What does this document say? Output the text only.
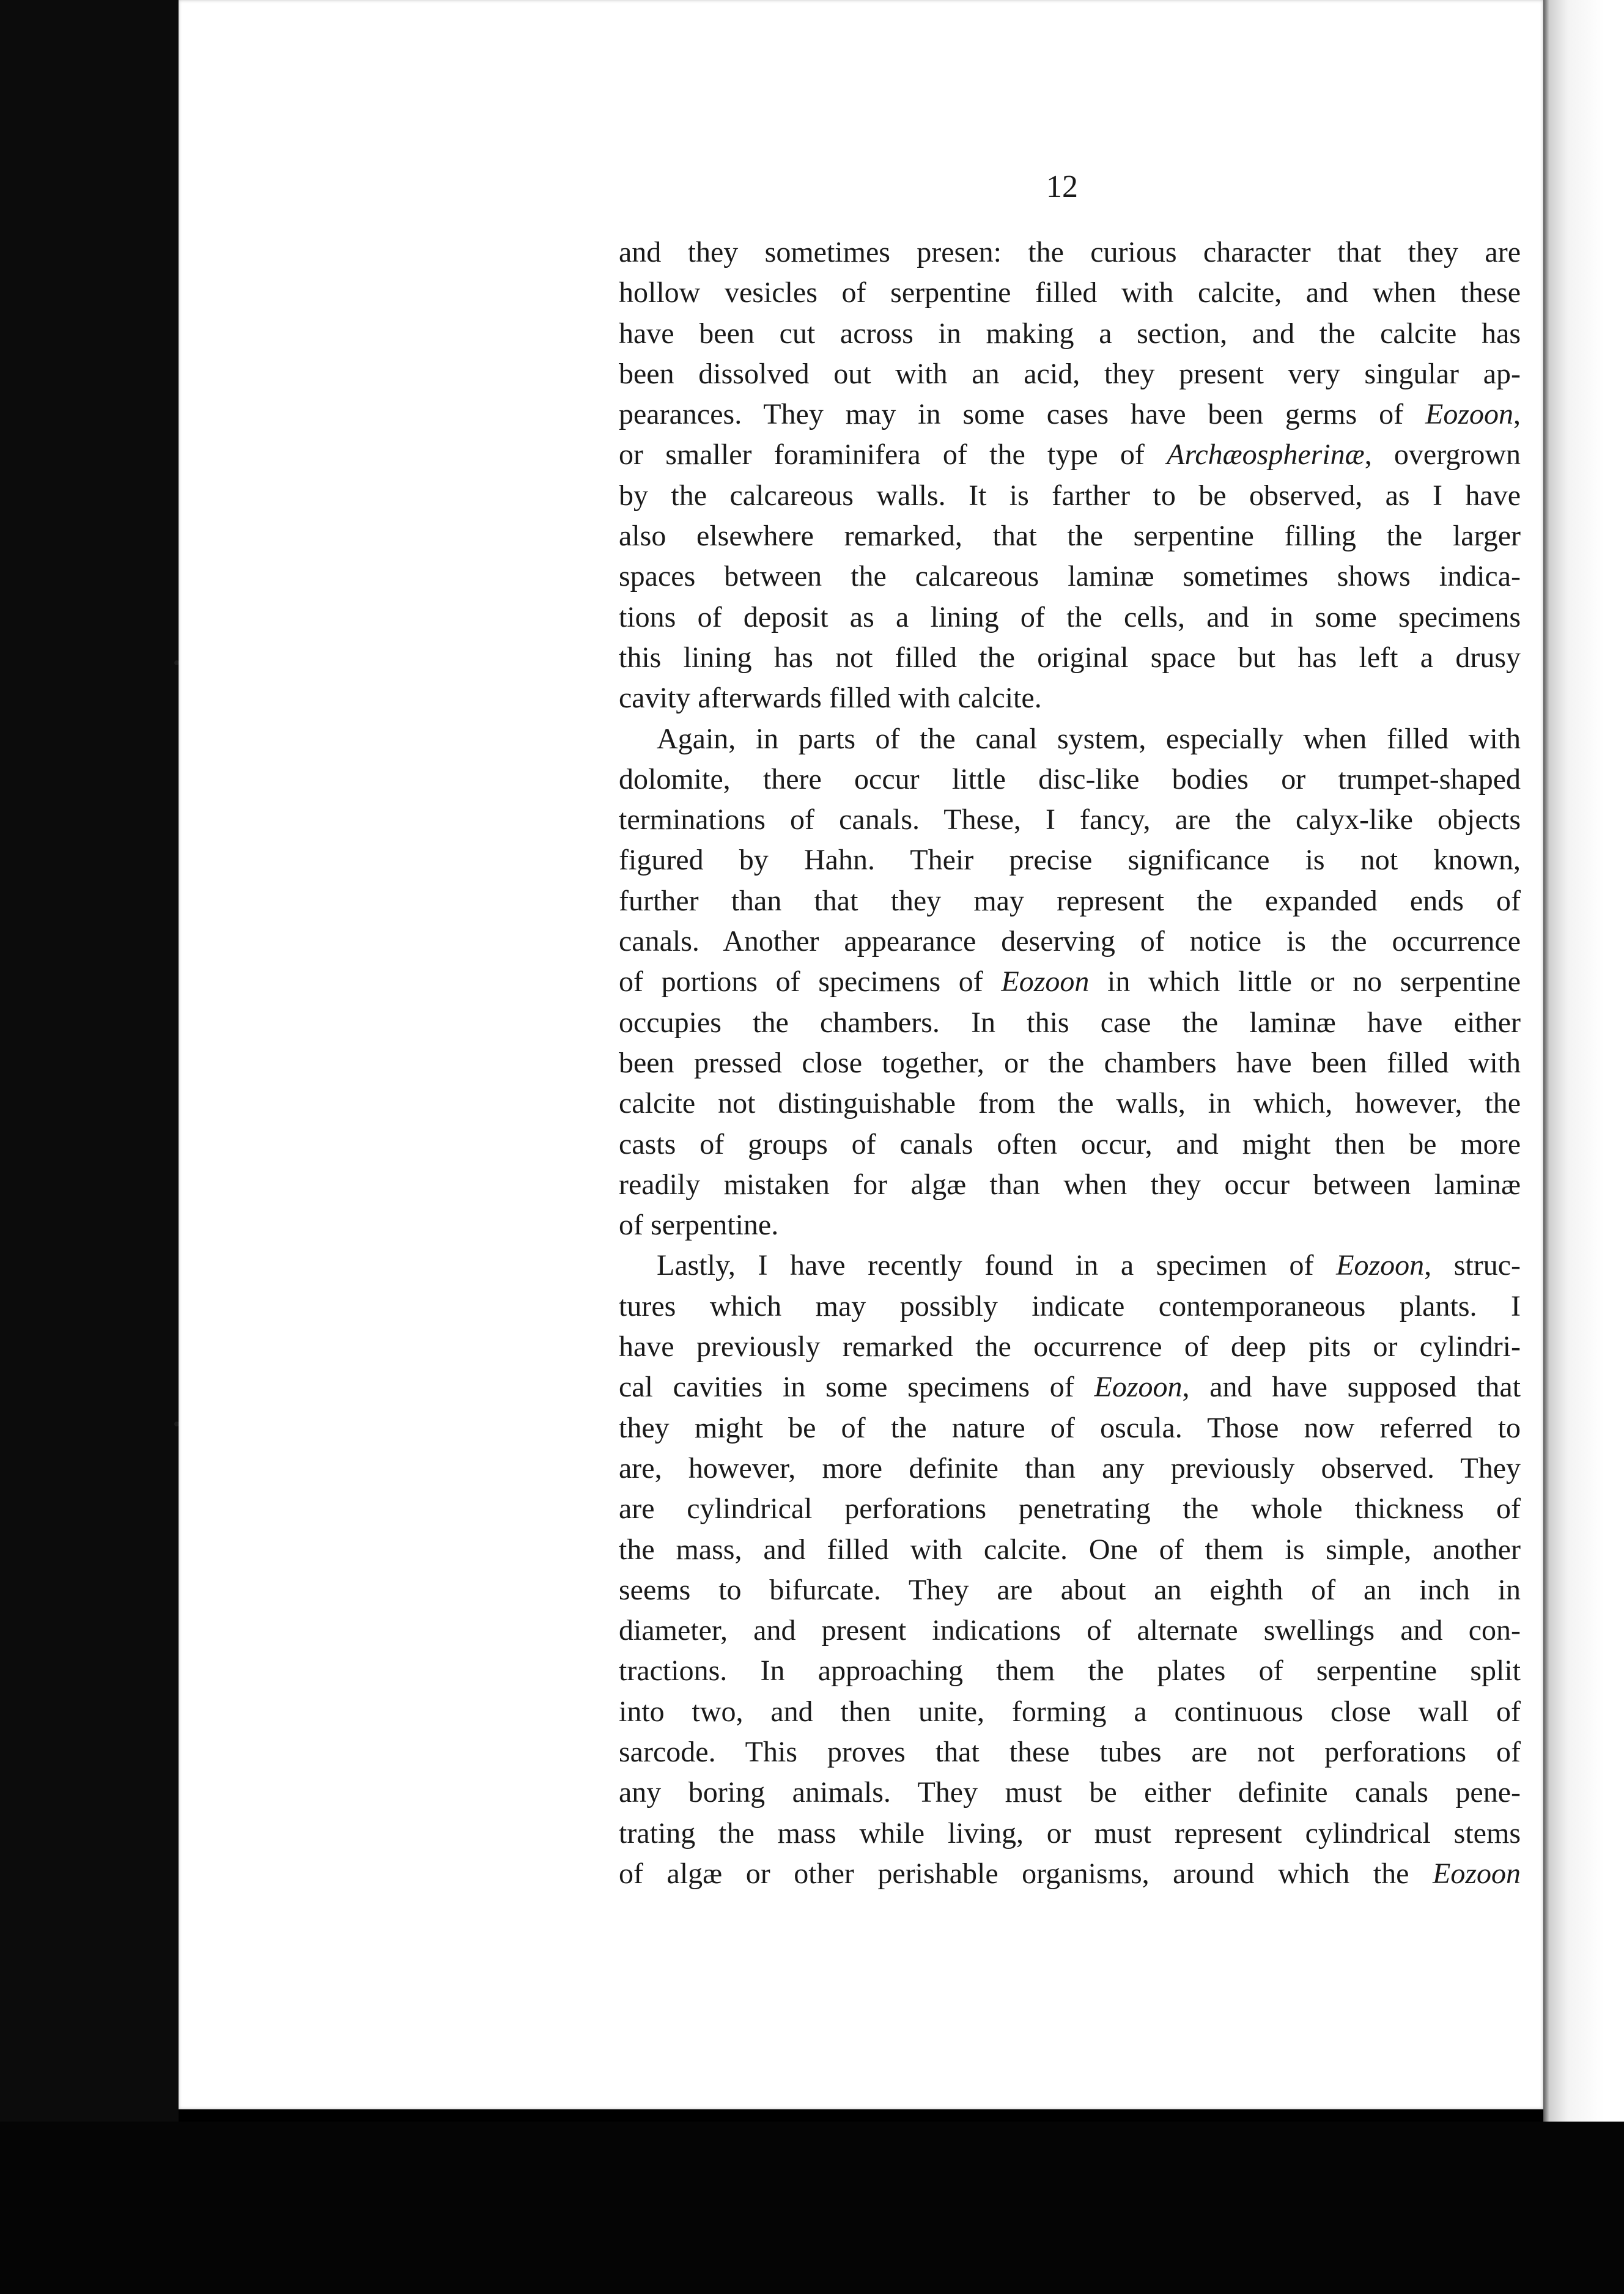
12
and they sometimes presen: the curious character that they are
hollow vesicles of serpentine filled with calcite, and when these
have been cut across in making a section, and the calcite has
been dissolved out with an acid, they present very singular ap-
pearances. They may in some cases have been germs of Eozoon,
or smaller foraminifera of the type of Archæospherinæ, overgrown
by the calcareous walls. It is farther to be observed, as I have
also elsewhere remarked, that the serpentine filling the larger
spaces between the calcareous laminæ sometimes shows indica-
tions of deposit as a lining of the cells, and in some specimens
this lining has not filled the original space but has left a drusy
cavity afterwards filled with calcite.
Again, in parts of the canal system, especially when filled with
dolomite, there occur little disc-like bodies or trumpet-shaped
terminations of canals. These, I fancy, are the calyx-like objects
figured by Hahn. Their precise significance is not known,
further than that they may represent the expanded ends of
canals. Another appearance deserving of notice is the occurrence
of portions of specimens of Eozoon in which little or no serpentine
occupies the chambers. In this case the laminæ have either
been pressed close together, or the chambers have been filled with
calcite not distinguishable from the walls, in which, however, the
casts of groups of canals often occur, and might then be more
readily mistaken for algæ than when they occur between laminæ
of serpentine.
Lastly, I have recently found in a specimen of Eozoon, struc-
tures which may possibly indicate contemporaneous plants. I
have previously remarked the occurrence of deep pits or cylindri-
cal cavities in some specimens of Eozoon, and have supposed that
they might be of the nature of oscula. Those now referred to
are, however, more definite than any previously observed. They
are cylindrical perforations penetrating the whole thickness of
the mass, and filled with calcite. One of them is simple, another
seems to bifurcate. They are about an eighth of an inch in
diameter, and present indications of alternate swellings and con-
tractions. In approaching them the plates of serpentine split
into two, and then unite, forming a continuous close wall of
sarcode. This proves that these tubes are not perforations of
any boring animals. They must be either definite canals pene-
trating the mass while living, or must represent cylindrical stems
of algæ or other perishable organisms, around which the Eozoon
